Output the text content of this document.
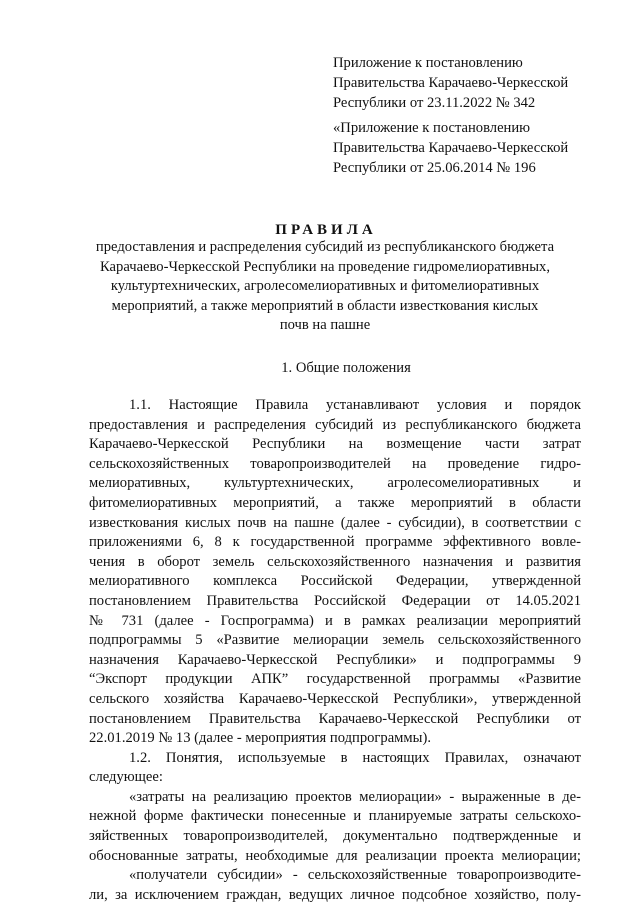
Приложение к постановлению
Правительства Карачаево-Черкесской
Республики от 23.11.2022 № 342
«Приложение к постановлению
Правительства Карачаево-Черкесской
Республики от 25.06.2014 № 196
ПРАВИЛА
предоставления и распределения субсидий из республиканского бюджета
Карачаево-Черкесской Республики на проведение гидромелиоративных,
культуртехнических, агролесомелиоративных и фитомелиоративных
мероприятий, а также мероприятий в области известкования кислых
почв на пашне
1. Общие положения
1.1. Настоящие Правила устанавливают условия и порядок
предоставления и распределения субсидий из республиканского бюджета
Карачаево-Черкесской Республики на возмещение части затрат
сельскохозяйственных товаропроизводителей на проведение гидро-
мелиоративных, культуртехнических, агролесомелиоративных и
фитомелиоративных мероприятий, а также мероприятий в области
известкования кислых почв на пашне (далее - субсидии), в соответствии с
приложениями 6, 8 к государственной программе эффективного вовле-
чения в оборот земель сельскохозяйственного назначения и развития
мелиоративного комплекса Российской Федерации, утвержденной
постановлением Правительства Российской Федерации от 14.05.2021
№ 731 (далее - Госпрограмма) и в рамках реализации мероприятий
подпрограммы 5 «Развитие мелиорации земель сельскохозяйственного
назначения Карачаево-Черкесской Республики» и подпрограммы 9
“Экспорт продукции АПК” государственной программы «Развитие
сельского хозяйства Карачаево-Черкесской Республики», утвержденной
постановлением Правительства Карачаево-Черкесской Республики от
22.01.2019 № 13 (далее - мероприятия подпрограммы).
1.2. Понятия, используемые в настоящих Правилах, означают
следующее:
«затраты на реализацию проектов мелиорации» - выраженные в де-
нежной форме фактически понесенные и планируемые затраты сельскохо-
зяйственных товаропроизводителей, документально подтвержденные и
обоснованные затраты, необходимые для реализации проекта мелиорации;
«получатели субсидии» - сельскохозяйственные товаропроизводите-
ли, за исключением граждан, ведущих личное подсобное хозяйство, полу-
